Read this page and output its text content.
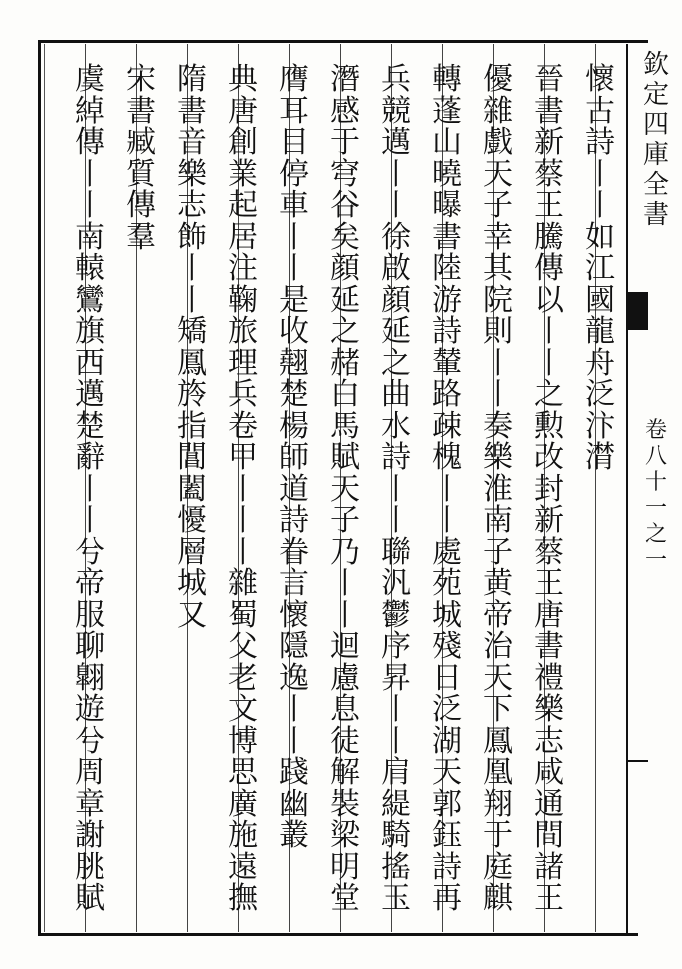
欽定四庫全書
卷八十一之一
懷
古
詩
丨
丨
如
江
國
龍
舟
泛
汴
潸
晉
書
新
蔡
王
騰
傳
以
丨
丨
之
勲
改
封
新
蔡
王
唐
書
禮
樂
志
咸
通
間
諸
王
優
雜
戲
天
子
幸
其
院
則
丨
丨
奏
樂
淮
南
子
黄
帝
治
天
下
鳳
凰
翔
于
庭
麒
轉
蓬
山
曉
曝
書
陸
游
詩
輦
路
疎
槐
丨
丨
處
苑
城
殘
日
泛
湖
天
郭
鈺
詩
再
兵
競
邁
丨
丨
徐
啟
顔
延
之
曲
水
詩
丨
丨
聯
汎
鬱
序
昇
丨
丨
肩
緹
騎
搖
玉
潛
感
于
穹
谷
矣
顔
延
之
赭
白
馬
賦
天
子
乃
丨
丨
迴
慮
息
徒
解
裝
梁
明
堂
膺
耳
目
停
車
丨
丨
是
收
翹
楚
楊
師
道
詩
眷
言
懷
隱
逸
丨
丨
踐
幽
叢
典
唐
創
業
起
居
注
鞠
旅
理
兵
卷
甲
丨
丨
丨
雜
蜀
父
老
文
博
思
廣
施
遠
撫
隋
書
音
樂
志
飾
丨
丨
矯
鳳
旍
指
閶
闔
懮
層
城
又
宋
書
臧
質
傳
羣
虞
綽
傳
丨
丨
南
轅
鸞
旗
西
邁
楚
辭
丨
丨
兮
帝
服
聊
翺
遊
兮
周
章
謝
朓
賦
